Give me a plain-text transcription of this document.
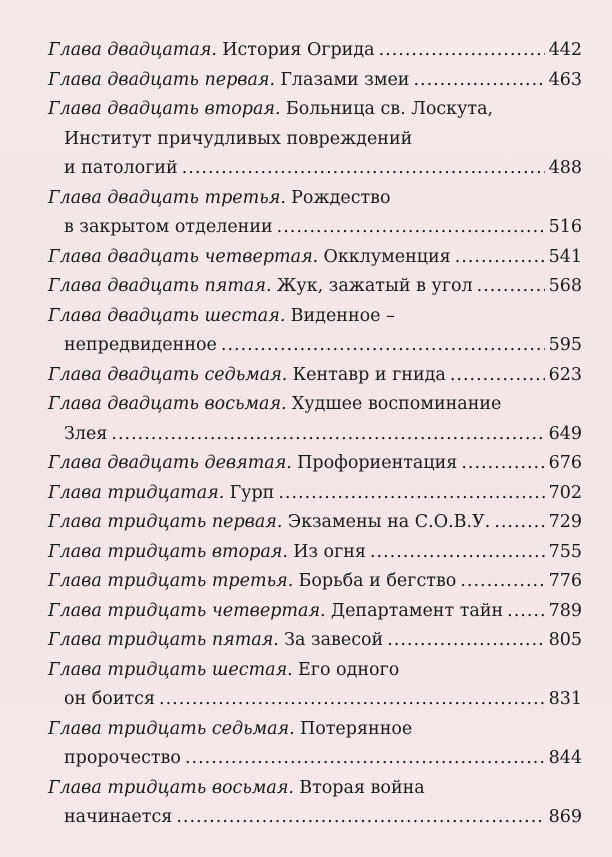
Глава двадцатая. История Огрида .....	442
Глава двадцать первая. Глазами змеи .....	463
Глава двадцать вторая. Больница св. Лоскута,
Институт причудливых повреждений
и патологий .....	488
Глава двадцать третья. Рождество
в закрытом отделении .....	516
Глава двадцать четвертая. Окклуменция .....	541
Глава двадцать пятая. Жук, зажатый в угол .....	568
Глава двадцать шестая. Виденное –
непредвиденное .....	595
Глава двадцать седьмая. Кентавр и гнида .....	623
Глава двадцать восьмая. Худшее воспоминание
Злея .....	649
Глава двадцать девятая. Профориентация .....	676
Глава тридцатая. Гурп .....	702
Глава тридцать первая. Экзамены на С.О.В.У. .....	729
Глава тридцать вторая. Из огня .....	755
Глава тридцать третья. Борьба и бегство .....	776
Глава тридцать четвертая. Департамент тайн .....	789
Глава тридцать пятая. За завесой .....	805
Глава тридцать шестая. Его одного
он боится .....	831
Глава тридцать седьмая. Потерянное
пророчество .....	844
Глава тридцать восьмая. Вторая война
начинается .....	869
